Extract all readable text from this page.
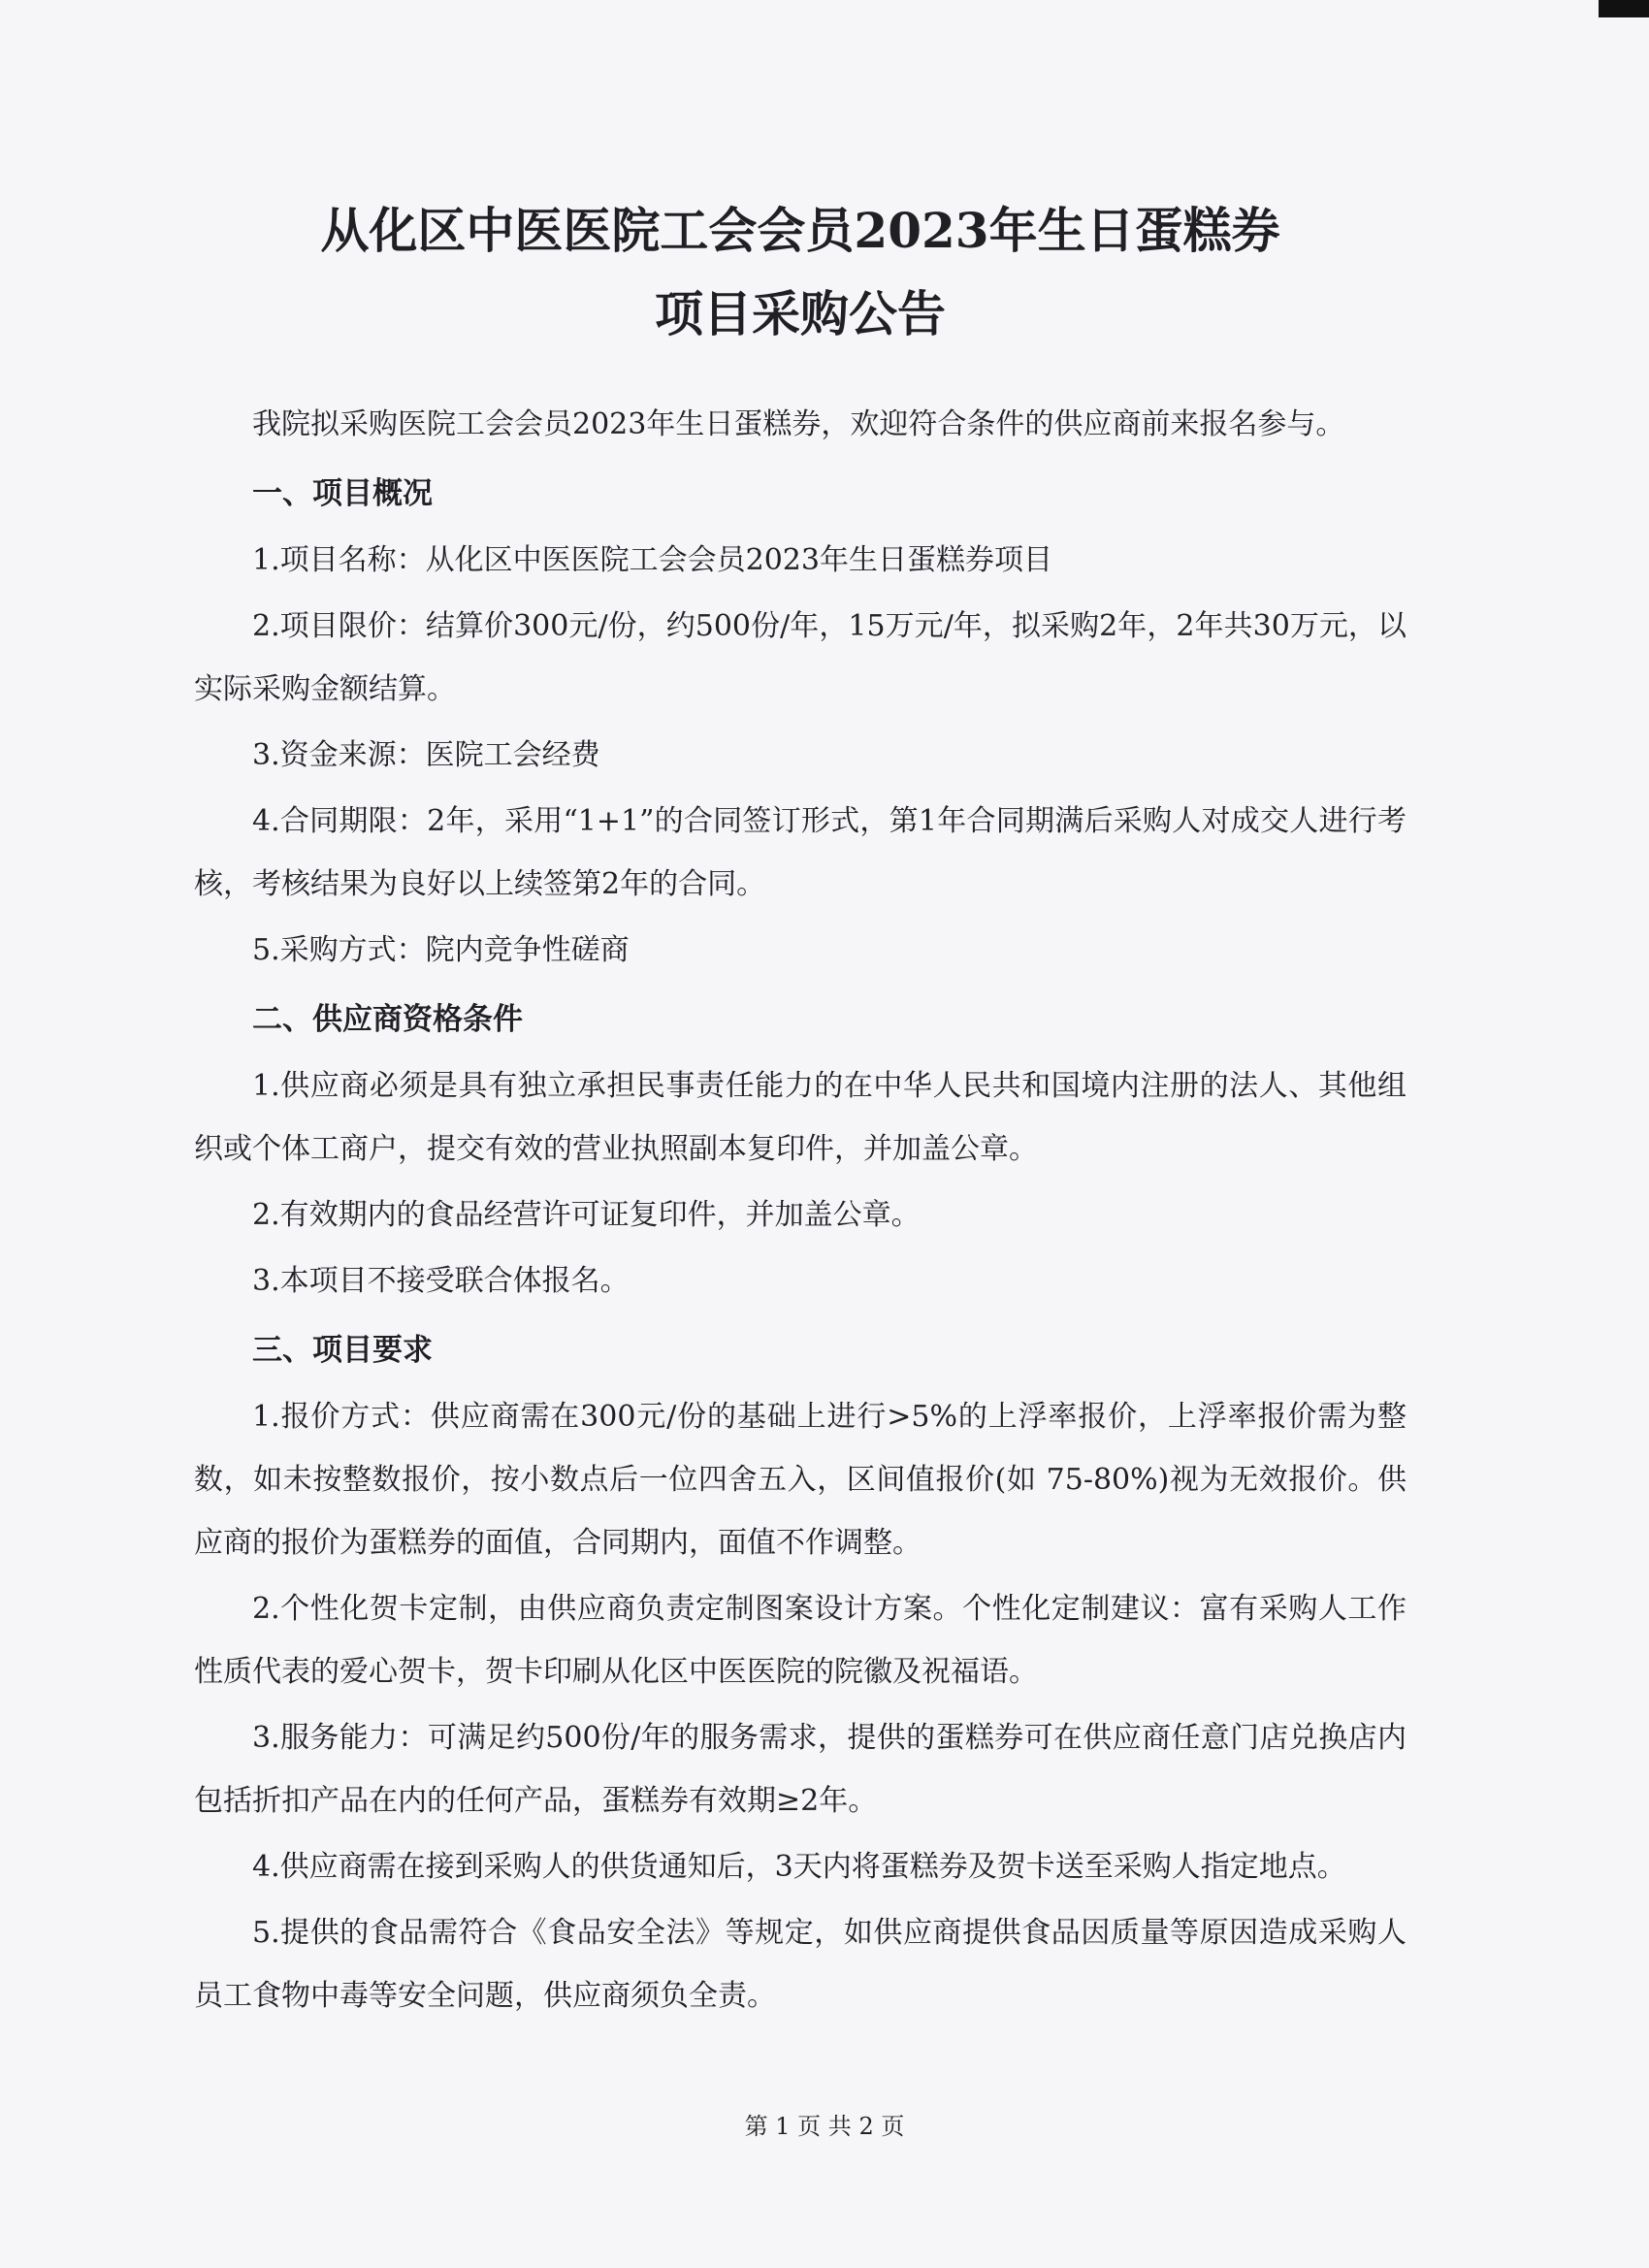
从化区中医医院工会会员2023年生日蛋糕券
项目采购公告

我院拟采购医院工会会员2023年生日蛋糕券，欢迎符合条件的供应商前来报名参与。

一、项目概况

1.项目名称：从化区中医医院工会会员2023年生日蛋糕券项目

2.项目限价：结算价300元/份，约500份/年，15万元/年，拟采购2年，2年共30万元，以实际采购金额结算。

3.资金来源：医院工会经费

4.合同期限：2年，采用“1+1”的合同签订形式，第1年合同期满后采购人对成交人进行考核，考核结果为良好以上续签第2年的合同。

5.采购方式：院内竞争性磋商

二、供应商资格条件

1.供应商必须是具有独立承担民事责任能力的在中华人民共和国境内注册的法人、其他组织或个体工商户，提交有效的营业执照副本复印件，并加盖公章。

2.有效期内的食品经营许可证复印件，并加盖公章。

3.本项目不接受联合体报名。

三、项目要求

1.报价方式：供应商需在300元/份的基础上进行>5%的上浮率报价，上浮率报价需为整数，如未按整数报价，按小数点后一位四舍五入，区间值报价(如 75-80%)视为无效报价。供应商的报价为蛋糕券的面值，合同期内，面值不作调整。

2.个性化贺卡定制，由供应商负责定制图案设计方案。个性化定制建议：富有采购人工作性质代表的爱心贺卡，贺卡印刷从化区中医医院的院徽及祝福语。

3.服务能力：可满足约500份/年的服务需求，提供的蛋糕券可在供应商任意门店兑换店内包括折扣产品在内的任何产品，蛋糕券有效期≥2年。

4.供应商需在接到采购人的供货通知后，3天内将蛋糕券及贺卡送至采购人指定地点。

5.提供的食品需符合《食品安全法》等规定，如供应商提供食品因质量等原因造成采购人员工食物中毒等安全问题，供应商须负全责。

第 1 页 共 2 页
